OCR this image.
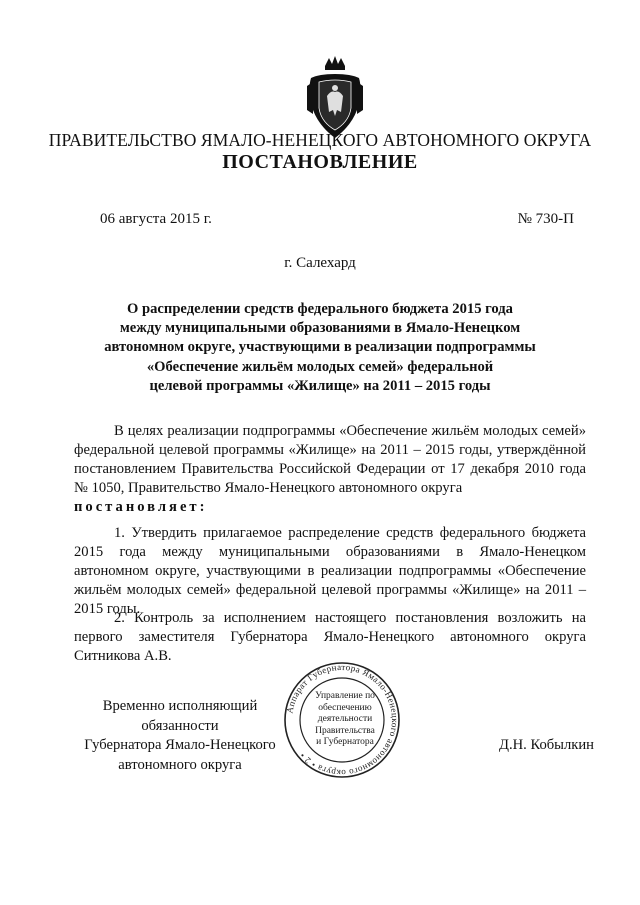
ПРАВИТЕЛЬСТВО ЯМАЛО-НЕНЕЦКОГО АВТОНОМНОГО ОКРУГА
ПОСТАНОВЛЕНИЕ
06 августа 2015 г.	№ 730-П
г. Салехард
О распределении средств федерального бюджета 2015 года
между муниципальными образованиями в Ямало-Ненецком
автономном округе, участвующими в реализации подпрограммы
«Обеспечение жильём молодых семей» федеральной
целевой программы «Жилище» на 2011 – 2015 годы
В целях реализации подпрограммы «Обеспечение жильём молодых семей» федеральной целевой программы «Жилище» на 2011 – 2015 годы, утверждённой постановлением Правительства Российской Федерации от 17 декабря 2010 года № 1050, Правительство Ямало-Ненецкого автономного округа
постановляет:
1. Утвердить прилагаемое распределение средств федерального бюджета 2015 года между муниципальными образованиями в Ямало-Ненецком автономном округе, участвующими в реализации подпрограммы «Обеспечение жильём молодых семей» федеральной целевой программы «Жилище» на 2011 – 2015 годы.
2. Контроль за исполнением настоящего постановления возложить на первого заместителя Губернатора Ямало-Ненецкого автономного округа Ситникова А.В.
Временно исполняющий обязанности
Губернатора Ямало-Ненецкого
автономного округа
Аппарат Губернатора Ямало-Ненецкого автономного округа • 2 •
Управление по
обеспечению
деятельности
Правительства
и Губернатора	Д.Н. Кобылкин
